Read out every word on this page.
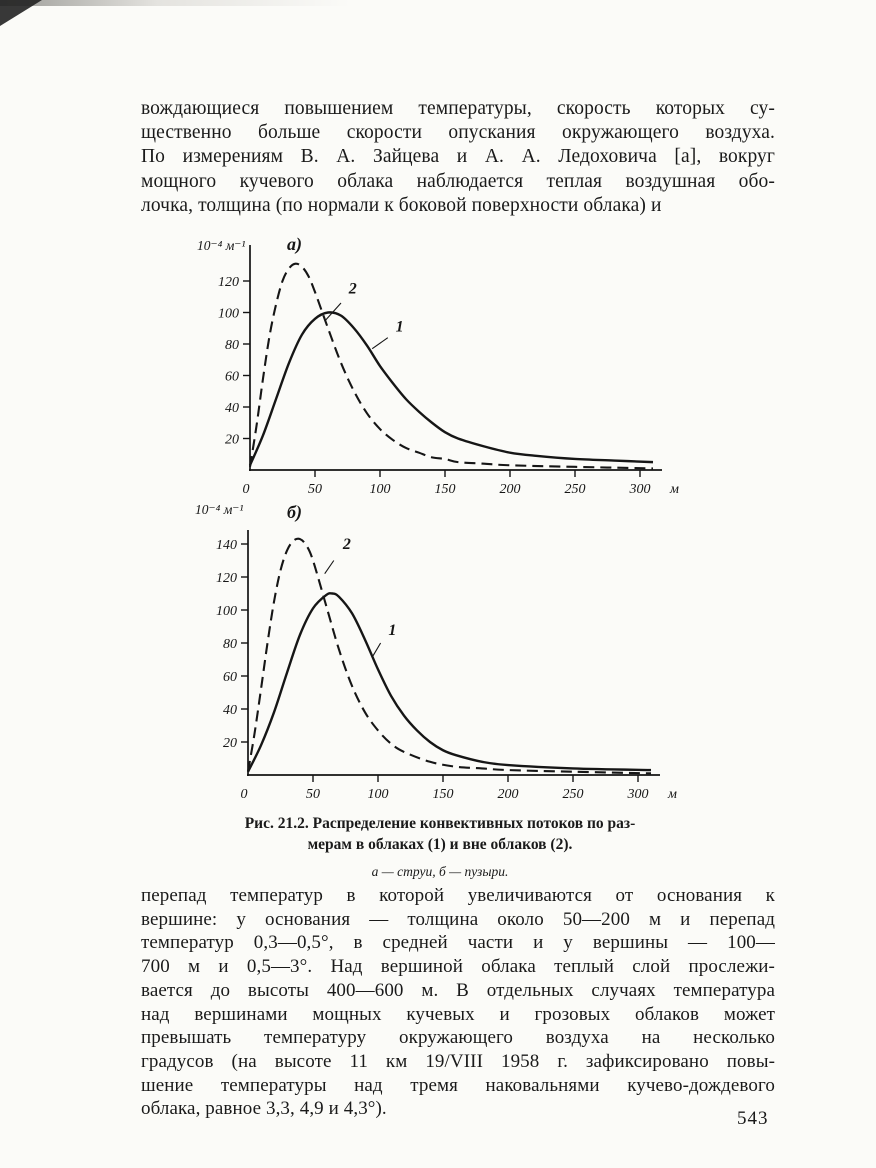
вождающиеся повышением температуры, скорость которых су-
щественно больше скорости опускания окружающего воздуха.
По измерениям В. А. Зайцева и А. А. Ледоховича [а], вокруг
мощного кучевого облака наблюдается теплая воздушная обо-
лочка, толщина (по нормали к боковой поверхности облака) и
20
40
60
80
100
120
0	50	100	150	200	250	300 м
10⁻⁴ м⁻¹ а)
1
2
20
40
60
80
100
120
140
0	50	100	150	200	250	300 м
10⁻⁴ м⁻¹ б)
1
2
Рис. 21.2. Распределение конвективных потоков по раз-
мерам в облаках (1) и вне облаков (2).
а — струи, б — пузыри.
перепад температур в которой увеличиваются от основания к
вершине: у основания — толщина около 50—200 м и перепад
температур 0,3—0,5°, в средней части и у вершины — 100—
700 м и 0,5—3°. Над вершиной облака теплый слой прослежи-
вается до высоты 400—600 м. В отдельных случаях температура
над вершинами мощных кучевых и грозовых облаков может
превышать температуру окружающего воздуха на несколько
градусов (на высоте 11 км 19/VIII 1958 г. зафиксировано повы-
шение температуры над тремя наковальнями кучево-дождевого
облака, равное 3,3, 4,9 и 4,3°).	543
